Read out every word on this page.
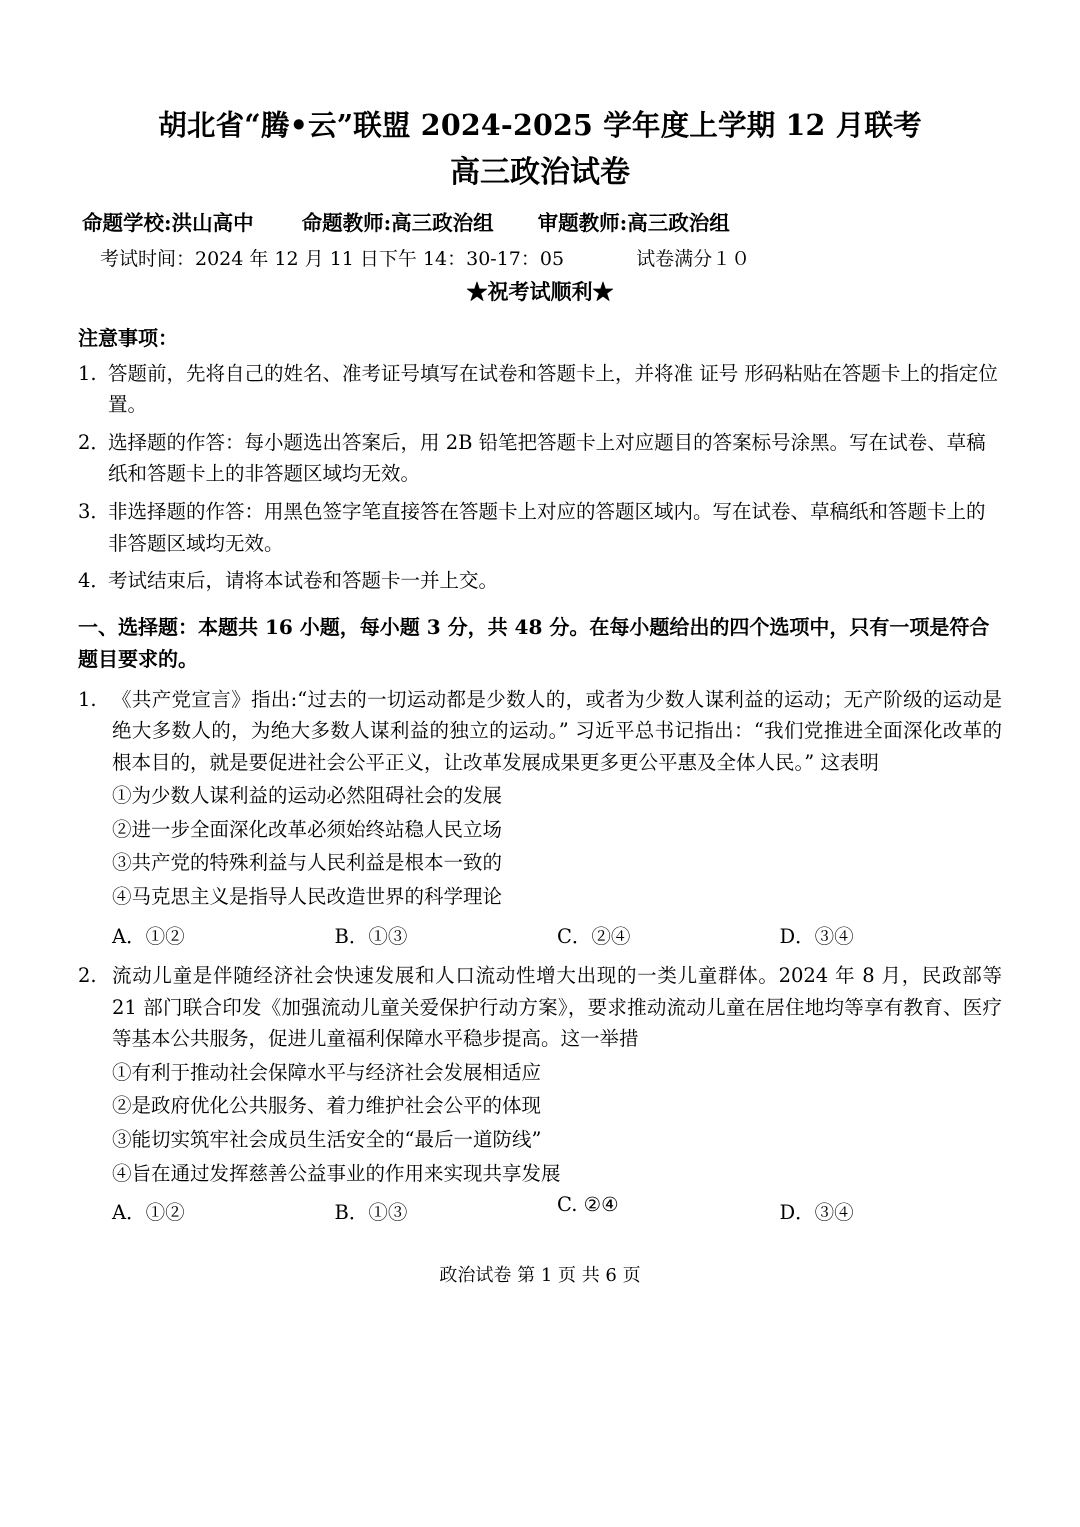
胡北省“腾•云”联盟 2024-2025 学年度上学期 12 月联考
高三政治试卷
命题学校:洪山高中 命题教师:高三政治组 审题教师:高三政治组
考试时间：2024 年 12 月 11 日下午 14：30-17：05	试卷满分１０
★祝考试顺利★
注意事项：
1. 答题前，先将自己的姓名、准考证号填写在试卷和答题卡上，并将准 证号 形码粘贴在答题卡上的指定位置。
2．
选择题的作答：每小题选出答案后，用 2B 铅笔把答题卡上对应题目的答案标号涂黑。写在试卷、草稿纸和答题卡上的非答题区域均无效。
3．
非选择题的作答：用黑色签字笔直接答在答题卡上对应的答题区域内。写在试卷、草稿纸和答题卡上的非答题区域均无效。
4．
考试结束后，请将本试卷和答题卡一并上交。
一、选择题：本题共 16 小题，每小题 3 分，共 48 分。在每小题给出的四个选项中，只有一项是符合题目要求的。
1. 《共产党宣言》指出:“过去的一切运动都是少数人的，或者为少数人谋利益的运动；无产阶级的运动是绝大多数人的，为绝大多数人谋利益的独立的运动。” 习近平总书记指出：“我们党推进全面深化改革的根本目的，就是要促进社会公平正义，让改革发展成果更多更公平惠及全体人民。” 这表明
①为少数人谋利益的运动必然阻碍社会的发展
②进一步全面深化改革必须始终站稳人民立场
③共产党的特殊利益与人民利益是根本一致的
④马克思主义是指导人民改造世界的科学理论
A．①②	B．①③	C．②④	D．③④
2. 流动儿童是伴随经济社会快速发展和人口流动性增大出现的一类儿童群体。2024 年 8 月，民政部等 21 部门联合印发《加强流动儿童关爱保护行动方案》，要求推动流动儿童在居住地均等享有教育、医疗等基本公共服务，促进儿童福利保障水平稳步提高。这一举措
①有利于推动社会保障水平与经济社会发展相适应
②是政府优化公共服务、着力维护社会公平的体现
③能切实筑牢社会成员生活安全的“最后一道防线”
④旨在通过发挥慈善公益事业的作用来实现共享发展
A．①②	B．①③	C. ②④	D．③④
政治试卷 第 1 页 共 6 页
